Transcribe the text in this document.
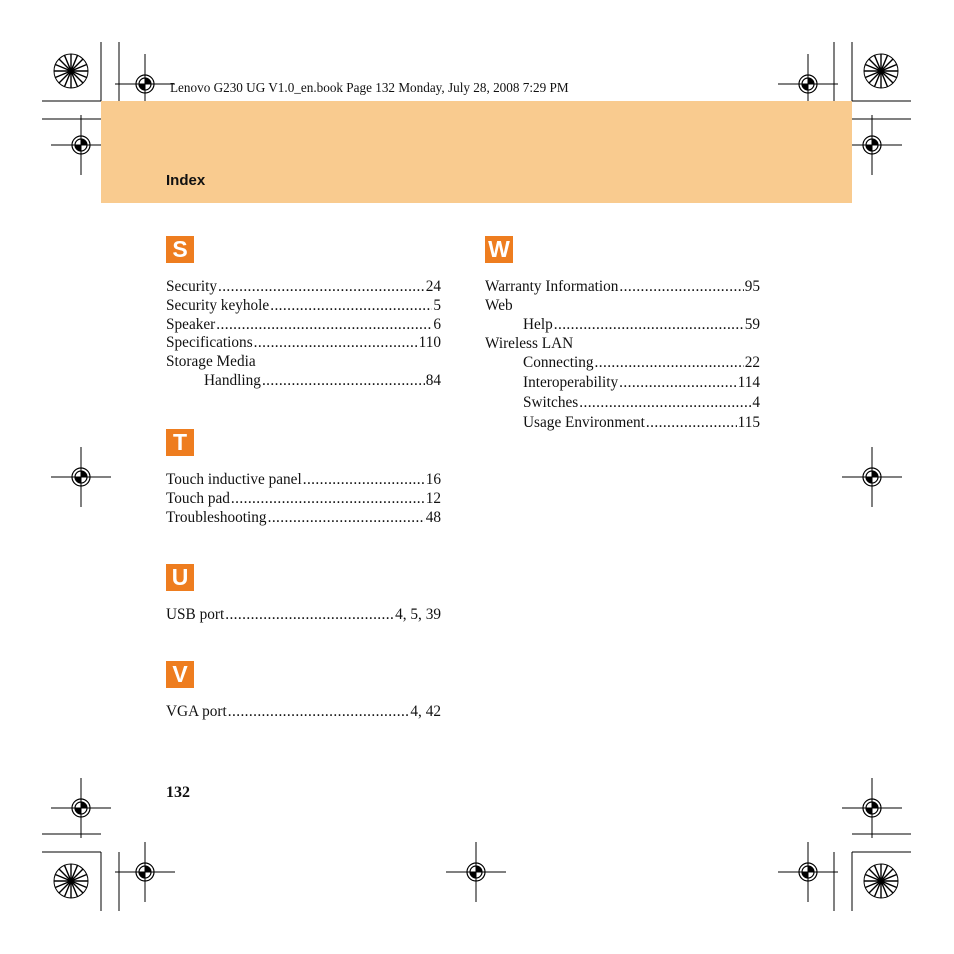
Lenovo G230 UG V1.0_en.book Page 132 Monday, July 28, 2008 7:29 PM
Index
S
Security .....	24
Security keyhole .....	5
Speaker .....	6
Specifications .....	110
Storage Media
Handling .....	84
T
Touch inductive panel .....	16
Touch pad .....	12
Troubleshooting .....	48
U
USB port .....	4, 5, 39
V
VGA port .....	4, 42
W
Warranty Information .....	95
Web
Help .....	59
Wireless LAN
Connecting .....	22
Interoperability .....	114
Switches .....	4
Usage Environment .....	115
132
